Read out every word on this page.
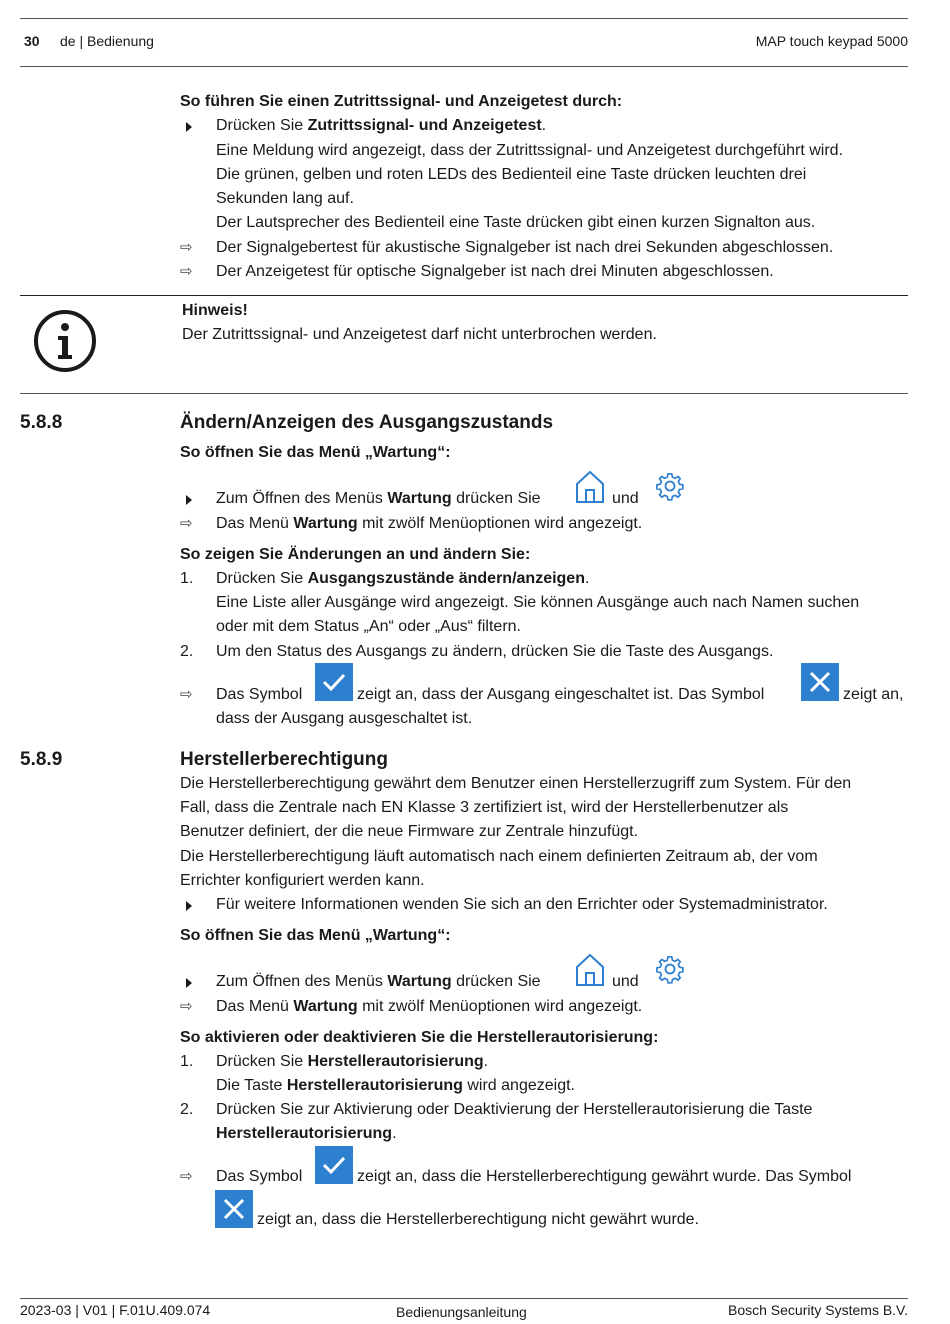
30 de | Bedienung	MAP touch keypad 5000
So führen Sie einen Zutrittssignal- und Anzeigetest durch:
Drücken Sie Zutrittssignal- und Anzeigetest.
Eine Meldung wird angezeigt, dass der Zutrittssignal- und Anzeigetest durchgeführt wird.
Die grünen, gelben und roten LEDs des Bedienteil eine Taste drücken leuchten drei
Sekunden lang auf.
Der Lautsprecher des Bedienteil eine Taste drücken gibt einen kurzen Signalton aus.
⇨ Der Signalgebertest für akustische Signalgeber ist nach drei Sekunden abgeschlossen.
⇨ Der Anzeigetest für optische Signalgeber ist nach drei Minuten abgeschlossen.
Hinweis!
Der Zutrittssignal- und Anzeigetest darf nicht unterbrochen werden.
5.8.8	Ändern/Anzeigen des Ausgangszustands
So öffnen Sie das Menü „Wartung“:
Zum Öffnen des Menüs Wartung drücken Sie	und
⇨ Das Menü Wartung mit zwölf Menüoptionen wird angezeigt.
So zeigen Sie Änderungen an und ändern Sie:
1. Drücken Sie Ausgangszustände ändern/anzeigen.
Eine Liste aller Ausgänge wird angezeigt. Sie können Ausgänge auch nach Namen suchen
oder mit dem Status „An“ oder „Aus“ filtern.
2. Um den Status des Ausgangs zu ändern, drücken Sie die Taste des Ausgangs.
⇨ Das Symbol	zeigt an, dass der Ausgang eingeschaltet ist. Das Symbol	zeigt an,
dass der Ausgang ausgeschaltet ist.
5.8.9	Herstellerberechtigung
Die Herstellerberechtigung gewährt dem Benutzer einen Herstellerzugriff zum System. Für den
Fall, dass die Zentrale nach EN Klasse 3 zertifiziert ist, wird der Herstellerbenutzer als
Benutzer definiert, der die neue Firmware zur Zentrale hinzufügt.
Die Herstellerberechtigung läuft automatisch nach einem definierten Zeitraum ab, der vom
Errichter konfiguriert werden kann.
Für weitere Informationen wenden Sie sich an den Errichter oder Systemadministrator.
So öffnen Sie das Menü „Wartung“:
Zum Öffnen des Menüs Wartung drücken Sie	und
⇨ Das Menü Wartung mit zwölf Menüoptionen wird angezeigt.
So aktivieren oder deaktivieren Sie die Herstellerautorisierung:
1. Drücken Sie Herstellerautorisierung.
Die Taste Herstellerautorisierung wird angezeigt.
2. Drücken Sie zur Aktivierung oder Deaktivierung der Herstellerautorisierung die Taste
Herstellerautorisierung.
⇨ Das Symbol	zeigt an, dass die Herstellerberechtigung gewährt wurde. Das Symbol
zeigt an, dass die Herstellerberechtigung nicht gewährt wurde.
2023-03 | V01 | F.01U.409.074	Bedienungsanleitung	Bosch Security Systems B.V.
